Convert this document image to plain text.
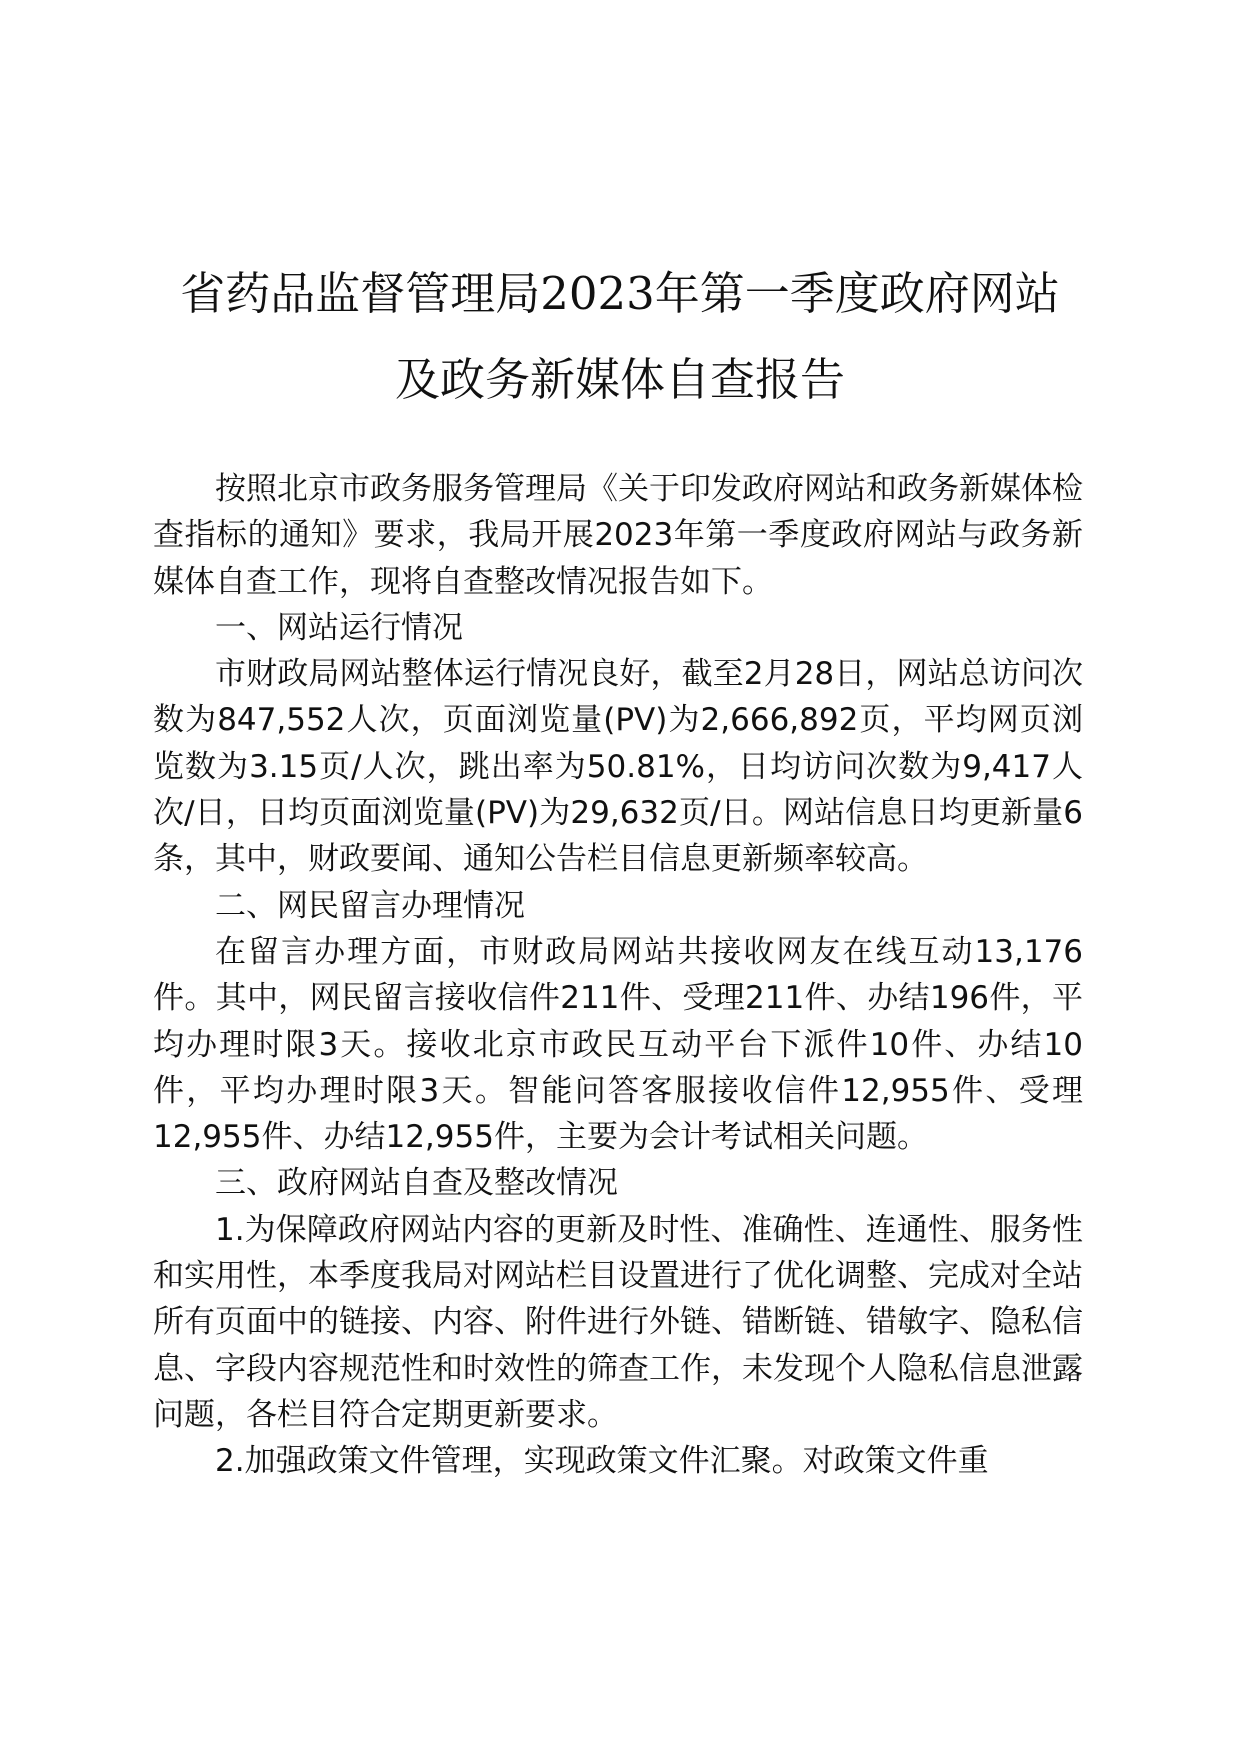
省药品监督管理局2023年第一季度政府网站
及政务新媒体自查报告

按照北京市政务服务管理局《关于印发政府网站和政务新媒体检查指标的通知》要求，我局开展2023年第一季度政府网站与政务新媒体自查工作，现将自查整改情况报告如下。

一、网站运行情况

市财政局网站整体运行情况良好，截至2月28日，网站总访问次数为847,552人次，页面浏览量(PV)为2,666,892页，平均网页浏览数为3.15页/人次，跳出率为50.81%，日均访问次数为9,417人次/日，日均页面浏览量(PV)为29,632页/日。网站信息日均更新量6条，其中，财政要闻、通知公告栏目信息更新频率较高。

二、网民留言办理情况

在留言办理方面，市财政局网站共接收网友在线互动13,176件。其中，网民留言接收信件211件、受理211件、办结196件，平均办理时限3天。接收北京市政民互动平台下派件10件、办结10件，平均办理时限3天。智能问答客服接收信件12,955件、受理12,955件、办结12,955件，主要为会计考试相关问题。

三、政府网站自查及整改情况

1.为保障政府网站内容的更新及时性、准确性、连通性、服务性和实用性，本季度我局对网站栏目设置进行了优化调整、完成对全站所有页面中的链接、内容、附件进行外链、错断链、错敏字、隐私信息、字段内容规范性和时效性的筛查工作，未发现个人隐私信息泄露问题，各栏目符合定期更新要求。

2.加强政策文件管理，实现政策文件汇聚。对政策文件重
